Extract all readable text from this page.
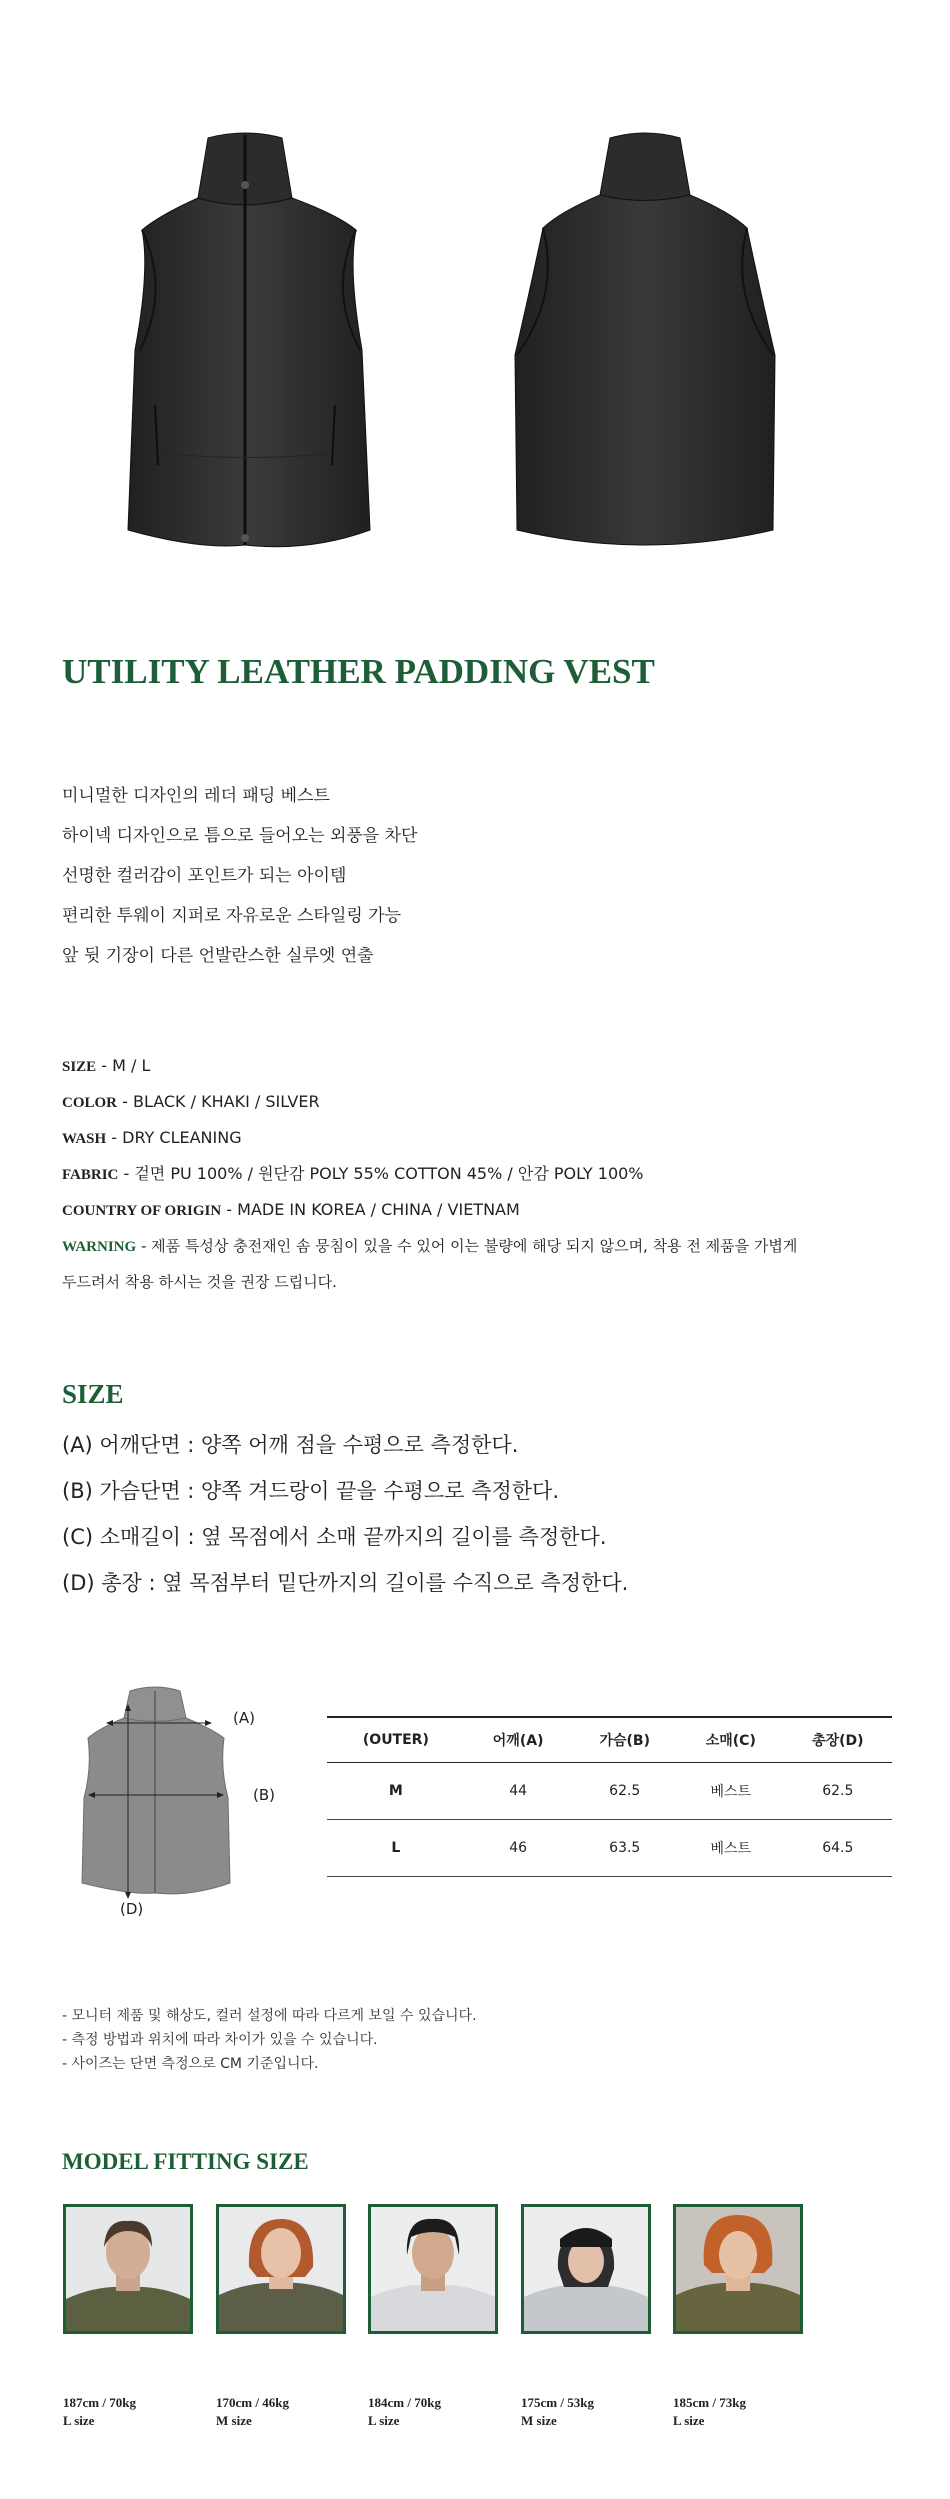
UTILITY LEATHER PADDING VEST
미니멀한 디자인의 레더 패딩 베스트
하이넥 디자인으로 틈으로 들어오는 외풍을 차단
선명한 컬러감이 포인트가 되는 아이템
편리한 투웨이 지퍼로 자유로운 스타일링 가능
앞 뒷 기장이 다른 언발란스한 실루엣 연출
SIZE - M / L
COLOR - BLACK / KHAKI / SILVER
WASH - DRY CLEANING
FABRIC - 겉면 PU 100% / 원단감 POLY 55% COTTON 45% / 안감 POLY 100%
COUNTRY OF ORIGIN - MADE IN KOREA / CHINA / VIETNAM
WARNING - 제품 특성상 충전재인 솜 뭉침이 있을 수 있어 이는 불량에 해당 되지 않으며, 착용 전 제품을 가볍게
두드려서 착용 하시는 것을 권장 드립니다.
SIZE
(A) 어깨단면 : 양쪽 어깨 점을 수평으로 측정한다.
(B) 가슴단면 : 양쪽 겨드랑이 끝을 수평으로 측정한다.
(C) 소매길이 : 옆 목점에서 소매 끝까지의 길이를 측정한다.
(D) 총장 : 옆 목점부터 밑단까지의 길이를 수직으로 측정한다.
(A)
(B)
(D)
(OUTER)	어깨(A)	가슴(B)	소매(C)	총장(D)
M	44	62.5	베스트	62.5
L	46	63.5	베스트	64.5
- 모니터 제품 및 해상도, 컬러 설정에 따라 다르게 보일 수 있습니다.
- 측정 방법과 위치에 따라 차이가 있을 수 있습니다.
- 사이즈는 단면 측정으로 CM 기준입니다.
MODEL FITTING SIZE
187cm / 70kg
L size
170cm / 46kg
M size
184cm / 70kg
L size
175cm / 53kg
M size
185cm / 73kg
L size
